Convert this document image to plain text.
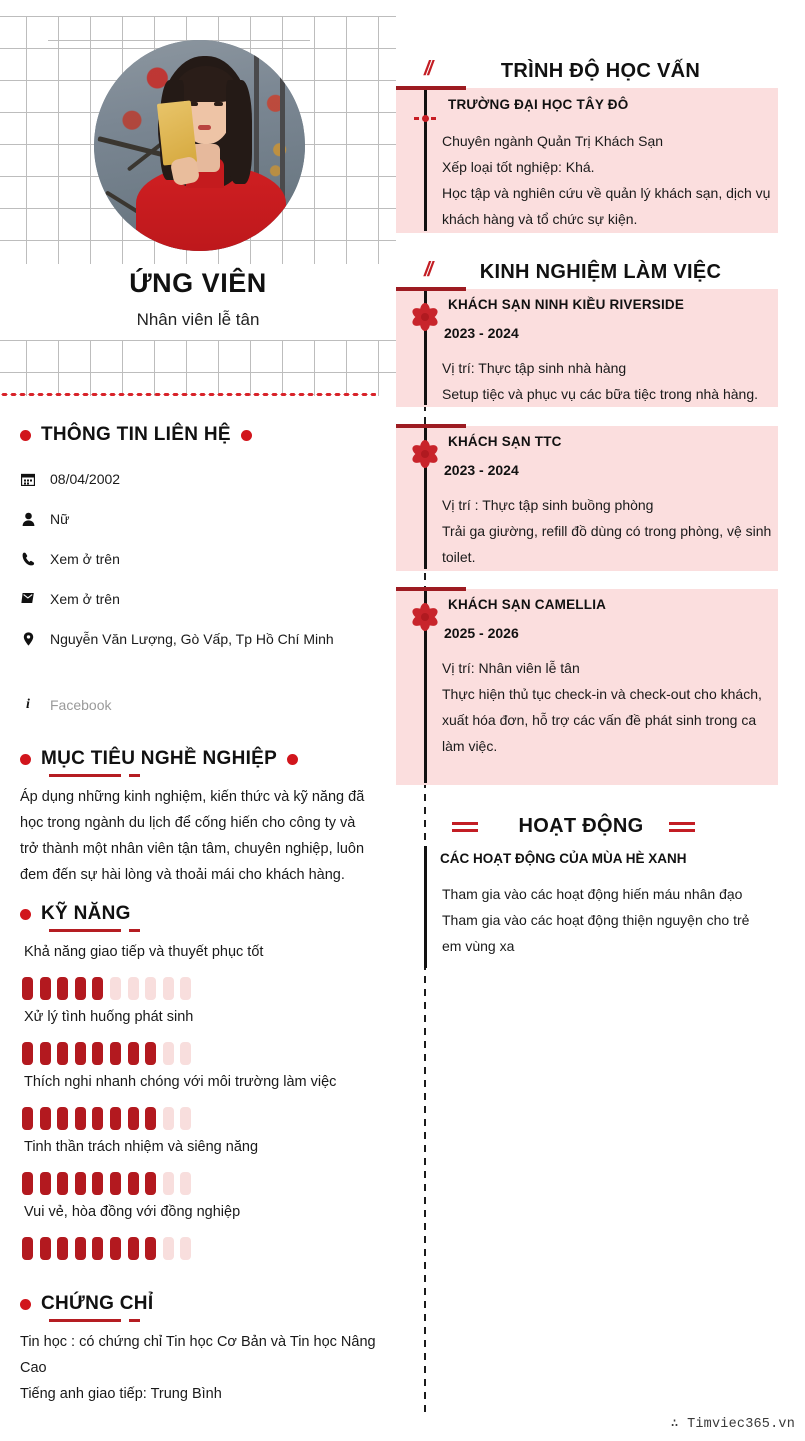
ỨNG VIÊN
Nhân viên lễ tân
THÔNG TIN LIÊN HỆ
08/04/2002
Nữ
Xem ở trên
Xem ở trên
Nguyễn Văn Lượng, Gò Vấp, Tp Hồ Chí Minh
i	Facebook
MỤC TIÊU NGHỀ NGHIỆP
Áp dụng những kinh nghiệm, kiến thức và kỹ năng đã học trong ngành du lịch để cống hiến cho công ty và trở thành một nhân viên tận tâm, chuyên nghiệp, luôn đem đến sự hài lòng và thoải mái cho khách hàng.
KỸ NĂNG
Khả năng giao tiếp và thuyết phục tốt
Xử lý tình huống phát sinh
Thích nghi nhanh chóng với môi trường làm việc
Tinh thần trách nhiệm và siêng năng
Vui vẻ, hòa đồng với đồng nghiệp
CHỨNG CHỈ
Tin học : có chứng chỉ Tin học Cơ Bản và Tin học Nâng Cao
Tiếng anh giao tiếp: Trung Bình
//	TRÌNH ĐỘ HỌC VẤN
TRƯỜNG ĐẠI HỌC TÂY ĐÔ
Chuyên ngành Quản Trị Khách Sạn
Xếp loại tốt nghiệp: Khá.
Học tập và nghiên cứu về quản lý khách sạn, dịch vụ khách hàng và tổ chức sự kiện.
//	KINH NGHIỆM LÀM VIỆC
KHÁCH SẠN NINH KIỀU RIVERSIDE
2023 - 2024
Vị trí: Thực tập sinh nhà hàng
Setup tiệc và phục vụ các bữa tiệc trong nhà hàng.
KHÁCH SẠN TTC
2023 - 2024
Vị trí : Thực tập sinh buồng phòng
Trải ga giường, refill đồ dùng có trong phòng, vệ sinh toilet.
KHÁCH SẠN CAMELLIA
2025 - 2026
Vị trí: Nhân viên lễ tân
Thực hiện thủ tục check-in và check-out cho khách, xuất hóa đơn, hỗ trợ các vấn đề phát sinh trong ca làm việc.
HOẠT ĐỘNG
CÁC HOẠT ĐỘNG CỦA MÙA HÈ XANH
Tham gia vào các hoạt động hiến máu nhân đạo
Tham gia vào các hoạt động thiện nguyện cho trẻ em vùng xa
∴ Timviec365.vn
